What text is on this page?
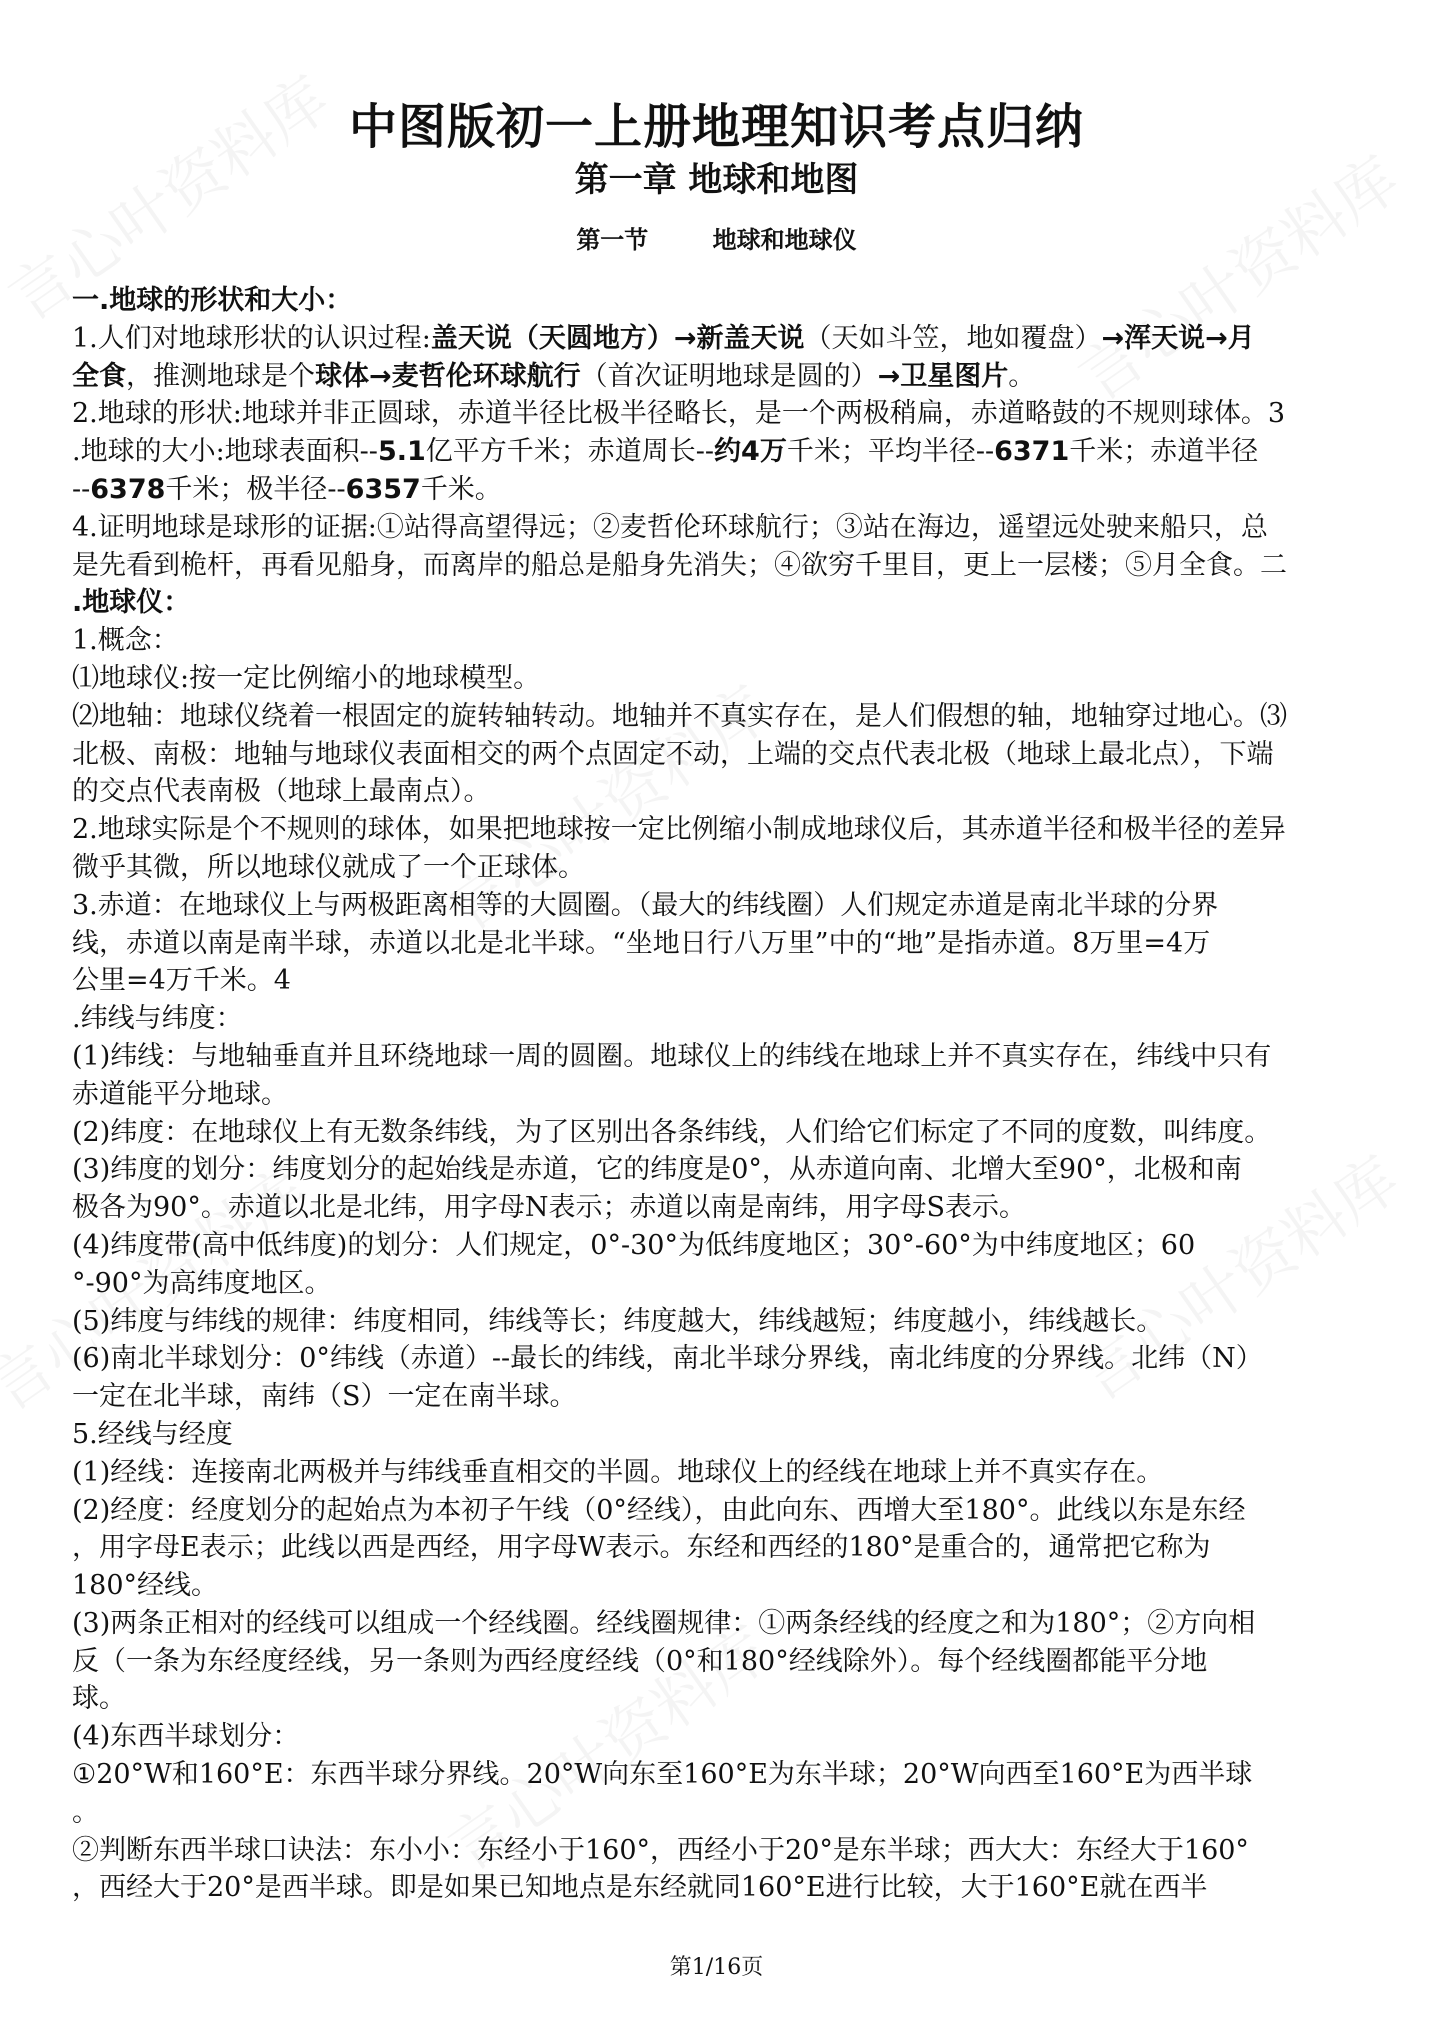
中图版初一上册地理知识考点归纳
第一章 地球和地图
第一节	地球和地球仪
一.地球的形状和大小：
1.人们对地球形状的认识过程:盖天说（天圆地方）→新盖天说（天如斗笠，地如覆盘）→浑天说→月
全食，推测地球是个球体→麦哲伦环球航行（首次证明地球是圆的）→卫星图片。
2.地球的形状:地球并非正圆球，赤道半径比极半径略长，是一个两极稍扁，赤道略鼓的不规则球体。3
.地球的大小:地球表面积--5.1亿平方千米；赤道周长--约4万千米；平均半径--6371千米；赤道半径
--6378千米；极半径--6357千米。
4.证明地球是球形的证据:①站得高望得远；②麦哲伦环球航行；③站在海边，遥望远处驶来船只，总
是先看到桅杆，再看见船身，而离岸的船总是船身先消失；④欲穷千里目，更上一层楼；⑤月全食。二
.地球仪：
1.概念：
⑴地球仪:按一定比例缩小的地球模型。
⑵地轴：地球仪绕着一根固定的旋转轴转动。地轴并不真实存在，是人们假想的轴，地轴穿过地心。⑶
北极、南极：地轴与地球仪表面相交的两个点固定不动，上端的交点代表北极（地球上最北点），下端
的交点代表南极（地球上最南点）。
2.地球实际是个不规则的球体，如果把地球按一定比例缩小制成地球仪后，其赤道半径和极半径的差异
微乎其微，所以地球仪就成了一个正球体。
3.赤道：在地球仪上与两极距离相等的大圆圈。（最大的纬线圈）人们规定赤道是南北半球的分界
线，赤道以南是南半球，赤道以北是北半球。“坐地日行八万里”中的“地”是指赤道。8万里=4万
公里=4万千米。4
.纬线与纬度：
(1)纬线：与地轴垂直并且环绕地球一周的圆圈。地球仪上的纬线在地球上并不真实存在，纬线中只有
赤道能平分地球。
(2)纬度：在地球仪上有无数条纬线，为了区别出各条纬线，人们给它们标定了不同的度数，叫纬度。
(3)纬度的划分：纬度划分的起始线是赤道，它的纬度是0°，从赤道向南、北增大至90°，北极和南
极各为90°。赤道以北是北纬，用字母N表示；赤道以南是南纬，用字母S表示。
(4)纬度带(高中低纬度)的划分：人们规定，0°-30°为低纬度地区；30°-60°为中纬度地区；60
°-90°为高纬度地区。
(5)纬度与纬线的规律：纬度相同，纬线等长；纬度越大，纬线越短；纬度越小，纬线越长。
(6)南北半球划分：0°纬线（赤道）--最长的纬线，南北半球分界线，南北纬度的分界线。北纬（N）
一定在北半球，南纬（S）一定在南半球。
5.经线与经度
(1)经线：连接南北两极并与纬线垂直相交的半圆。地球仪上的经线在地球上并不真实存在。
(2)经度：经度划分的起始点为本初子午线（0°经线），由此向东、西增大至180°。此线以东是东经
，用字母E表示；此线以西是西经，用字母W表示。东经和西经的180°是重合的，通常把它称为
180°经线。
(3)两条正相对的经线可以组成一个经线圈。经线圈规律：①两条经线的经度之和为180°；②方向相
反（一条为东经度经线，另一条则为西经度经线（0°和180°经线除外）。每个经线圈都能平分地
球。
(4)东西半球划分：
①20°W和160°E：东西半球分界线。20°W向东至160°E为东半球；20°W向西至160°E为西半球
。
②判断东西半球口诀法：东小小：东经小于160°，西经小于20°是东半球；西大大：东经大于160°
，西经大于20°是西半球。即是如果已知地点是东经就同160°E进行比较，大于160°E就在西半
第1/16页
